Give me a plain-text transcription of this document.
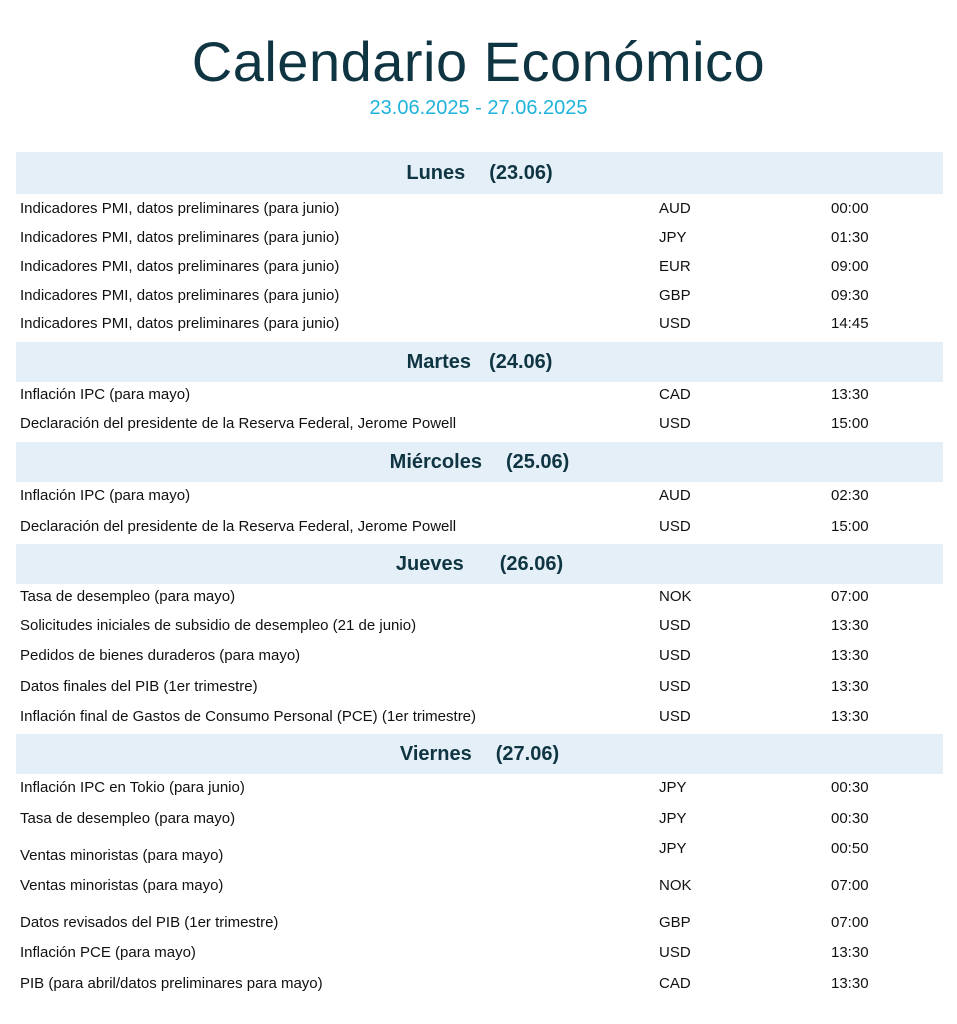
Calendario Económico
23.06.2025 - 27.06.2025
Lunes (23.06)
Indicadores PMI, datos preliminares (para junio)	AUD	00:00
Indicadores PMI, datos preliminares (para junio)	JPY	01:30
Indicadores PMI, datos preliminares (para junio)	EUR	09:00
Indicadores PMI, datos preliminares (para junio)	GBP	09:30
Indicadores PMI, datos preliminares (para junio)	USD	14:45
Martes (24.06)
Inflación IPC (para mayo)	CAD	13:30
Declaración del presidente de la Reserva Federal, Jerome Powell	USD	15:00
Miércoles (25.06)
Inflación IPC (para mayo)	AUD	02:30
Declaración del presidente de la Reserva Federal, Jerome Powell	USD	15:00
Jueves (26.06)
Tasa de desempleo (para mayo)	NOK	07:00
Solicitudes iniciales de subsidio de desempleo (21 de junio)	USD	13:30
Pedidos de bienes duraderos (para mayo)	USD	13:30
Datos finales del PIB (1er trimestre)	USD	13:30
Inflación final de Gastos de Consumo Personal (PCE) (1er trimestre)	USD	13:30
Viernes (27.06)
Inflación IPC en Tokio (para junio)	JPY	00:30
Tasa de desempleo (para mayo)	JPY	00:30
Ventas minoristas (para mayo)	JPY	00:50
Ventas minoristas (para mayo)	NOK	07:00
Datos revisados del PIB (1er trimestre)	GBP	07:00
Inflación PCE (para mayo)	USD	13:30
PIB (para abril/datos preliminares para mayo)	CAD	13:30
